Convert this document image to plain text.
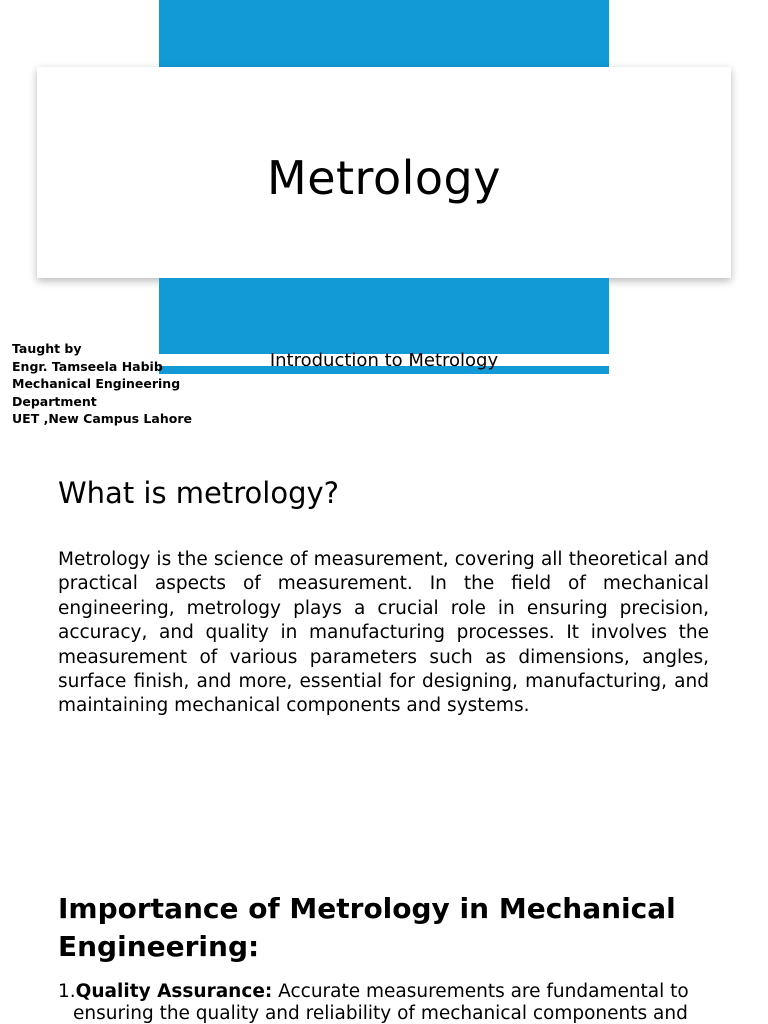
Metrology
Introduction to Metrology
Taught by
Engr. Tamseela Habib
Mechanical Engineering
Department
UET ,New Campus Lahore
What is metrology?
Metrology is the science of measurement, covering all theoretical and practical aspects of measurement. In the field of mechanical engineering, metrology plays a crucial role in ensuring precision, accuracy, and quality in manufacturing processes. It involves the measurement of various parameters such as dimensions, angles, surface finish, and more, essential for designing, manufacturing, and maintaining mechanical components and systems.
Importance of Metrology in Mechanical Engineering:
1.Quality Assurance: Accurate measurements are fundamental to
ensuring the quality and reliability of mechanical components and
